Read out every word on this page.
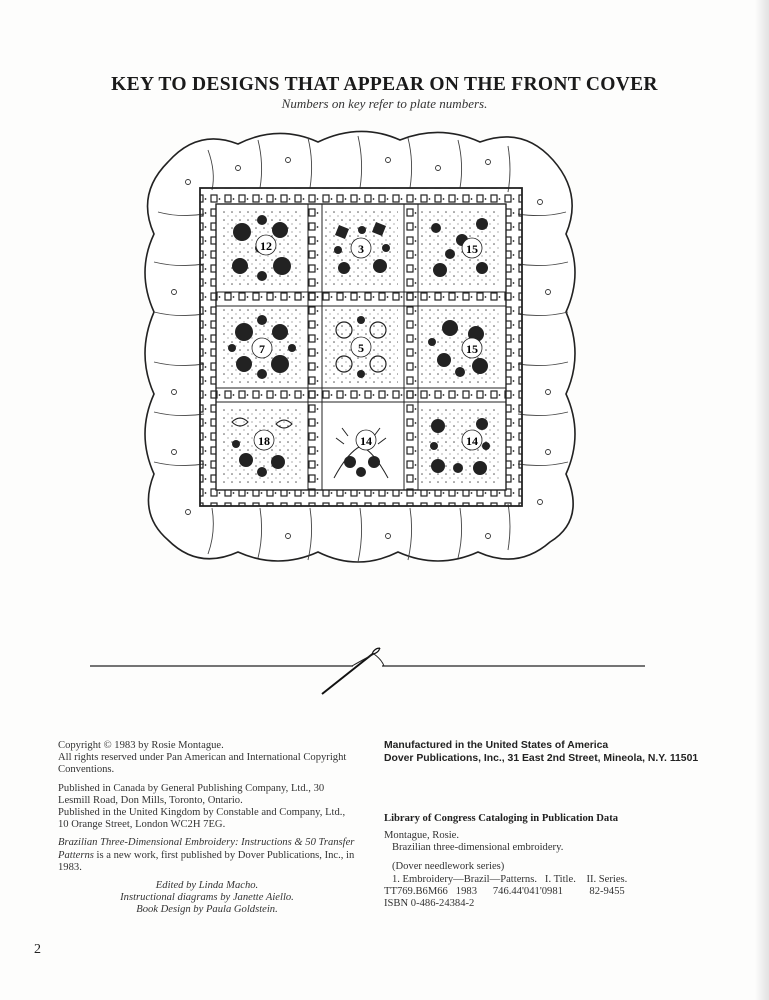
KEY TO DESIGNS THAT APPEAR ON THE FRONT COVER
Numbers on key refer to plate numbers.
12	3	15
7	5	15
18	14	14

Copyright © 1983 by Rosie Montague.
All rights reserved under Pan American and International Copyright Conventions.

Published in Canada by General Publishing Company, Ltd., 30 Lesmill Road, Don Mills, Toronto, Ontario.
Published in the United Kingdom by Constable and Company, Ltd., 10 Orange Street, London WC2H 7EG.

Brazilian Three-Dimensional Embroidery: Instructions & 50 Transfer Patterns is a new work, first published by Dover Publications, Inc., in 1983.

Edited by Linda Macho.
Instructional diagrams by Janette Aiello.
Book Design by Paula Goldstein.

Manufactured in the United States of America
Dover Publications, Inc., 31 East 2nd Street, Mineola, N.Y. 11501
Library of Congress Cataloging in Publication Data
Montague, Rosie.
Brazilian three-dimensional embroidery.
(Dover needlework series)
1. Embroidery—Brazil—Patterns.   I. Title.    II. Series.
TT769.B6M66   1983      746.44'041'0981          82-9455
ISBN 0-486-24384-2
2
